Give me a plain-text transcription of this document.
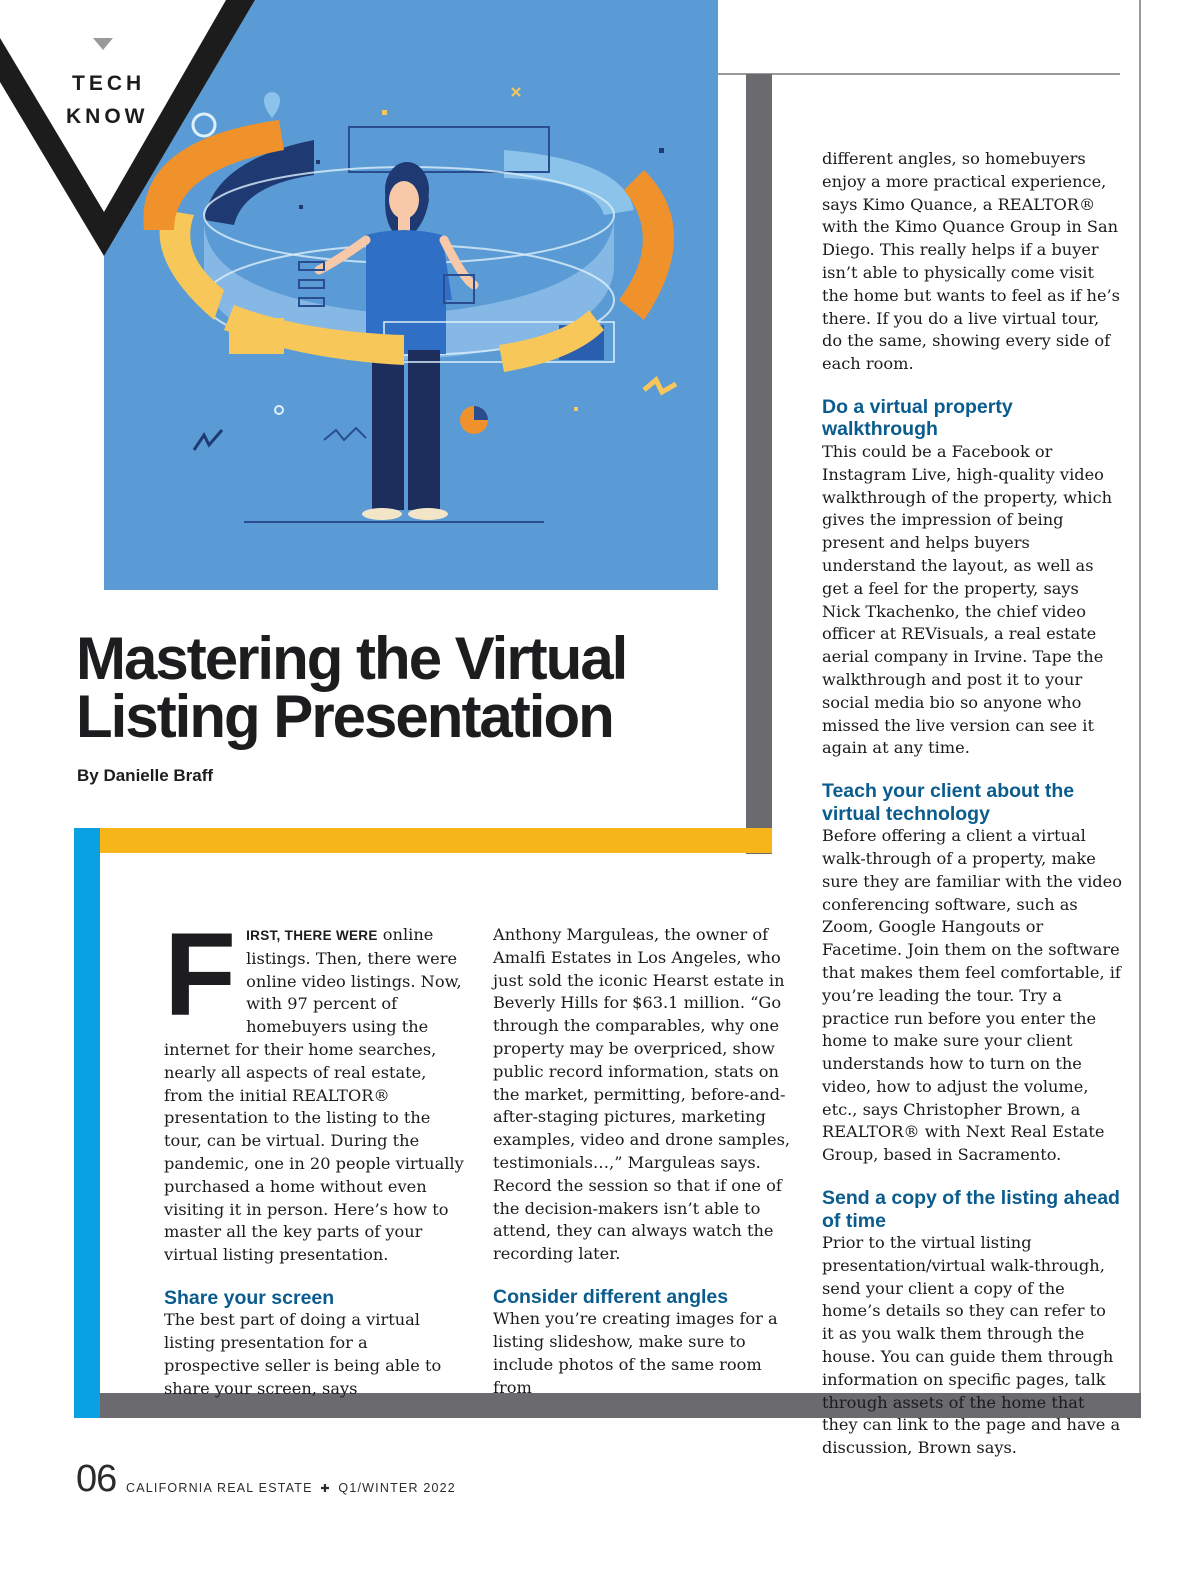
TECH
KNOW
Mastering the Virtual
Listing Presentation
By Danielle Braff

FIRST, THERE WERE online listings. Then, there were online video listings. Now, with 97 percent of homebuyers using the internet for their home searches, nearly all aspects of real estate, from the initial REALTOR® presentation to the listing to the tour, can be virtual. During the pandemic, one in 20 people virtually purchased a home without even visiting it in person. Here’s how to master all the key parts of your virtual listing presentation.

Share your screen

The best part of doing a virtual listing presentation for a prospective seller is being able to share your screen, says

Anthony Marguleas, the owner of Amalfi Estates in Los Angeles, who just sold the iconic Hearst estate in Beverly Hills for $63.1 million. “Go through the comparables, why one property may be overpriced, show public record information, stats on the market, permitting, before-and-after-staging pictures, marketing examples, video and drone samples, testimonials…,” Marguleas says. Record the session so that if one of the decision-makers isn’t able to attend, they can always watch the recording later.

Consider different angles

When you’re creating images for a listing slideshow, make sure to include photos of the same room from

different angles, so homebuyers enjoy a more practical experience, says Kimo Quance, a REALTOR® with the Kimo Quance Group in San Diego. This really helps if a buyer isn’t able to physically come visit the home but wants to feel as if he’s there. If you do a live virtual tour, do the same, showing every side of each room.

Do a virtual property walkthrough

This could be a Facebook or Instagram Live, high-quality video walkthrough of the property, which gives the impression of being present and helps buyers understand the layout, as well as get a feel for the property, says Nick Tkachenko, the chief video officer at REVisuals, a real estate aerial company in Irvine. Tape the walkthrough and post it to your social media bio so anyone who missed the live version can see it again at any time.

Teach your client about the virtual technology

Before offering a client a virtual walk-through of a property, make sure they are familiar with the video conferencing software, such as Zoom, Google Hangouts or Facetime. Join them on the software that makes them feel comfortable, if you’re leading the tour. Try a practice run before you enter the home to make sure your client understands how to turn on the video, how to adjust the volume, etc., says Christopher Brown, a REALTOR® with Next Real Estate Group, based in Sacramento.

Send a copy of the listing ahead of time

Prior to the virtual listing presentation/virtual walk-through, send your client a copy of the home’s details so they can refer to it as you walk them through the house. You can guide them through information on specific pages, talk through assets of the home that they can link to the page and have a discussion, Brown says.

06 CALIFORNIA REAL ESTATE ✚ Q1/WINTER 2022
